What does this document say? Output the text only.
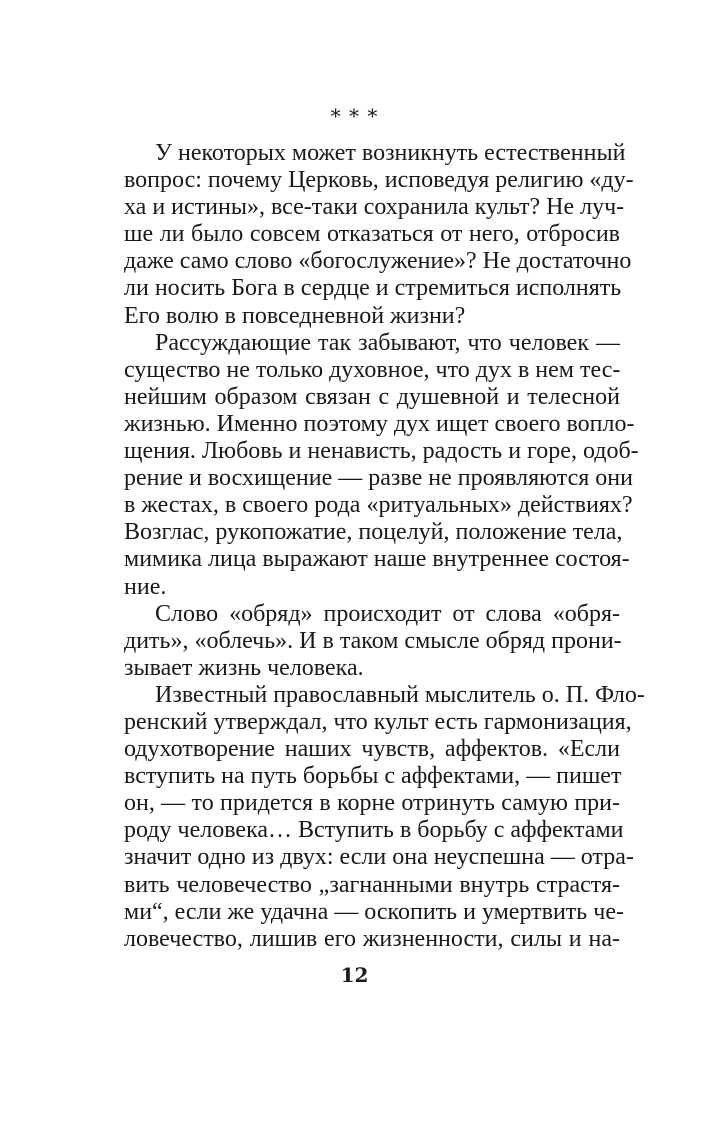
* * *
У некоторых может возникнуть естественный
вопрос: почему Церковь, исповедуя религию «ду-
ха и истины», все-таки сохранила культ? Не луч-
ше ли было совсем отказаться от него, отбросив
даже само слово «богослужение»? Не достаточно
ли носить Бога в сердце и стремиться исполнять
Его волю в повседневной жизни?
Рассуждающие так забывают, что человек —
существо не только духовное, что дух в нем тес-
нейшим образом связан с душевной и телесной
жизнью. Именно поэтому дух ищет своего вопло-
щения. Любовь и ненависть, радость и горе, одоб-
рение и восхищение — разве не проявляются они
в жестах, в своего рода «ритуальных» действиях?
Возглас, рукопожатие, поцелуй, положение тела,
мимика лица выражают наше внутреннее состоя-
ние.
Слово «обряд» происходит от слова «обря-
дить», «облечь». И в таком смысле обряд прони-
зывает жизнь человека.
Известный православный мыслитель о. П. Фло-
ренский утверждал, что культ есть гармонизация,
одухотворение наших чувств, аффектов. «Если
вступить на путь борьбы с аффектами, — пишет
он, — то придется в корне отринуть самую при-
роду человека… Вступить в борьбу с аффектами
значит одно из двух: если она неуспешна — отра-
вить человечество „загнанными внутрь страстя-
ми“, если же удачна — оскопить и умертвить че-
ловечество, лишив его жизненности, силы и на-
12
